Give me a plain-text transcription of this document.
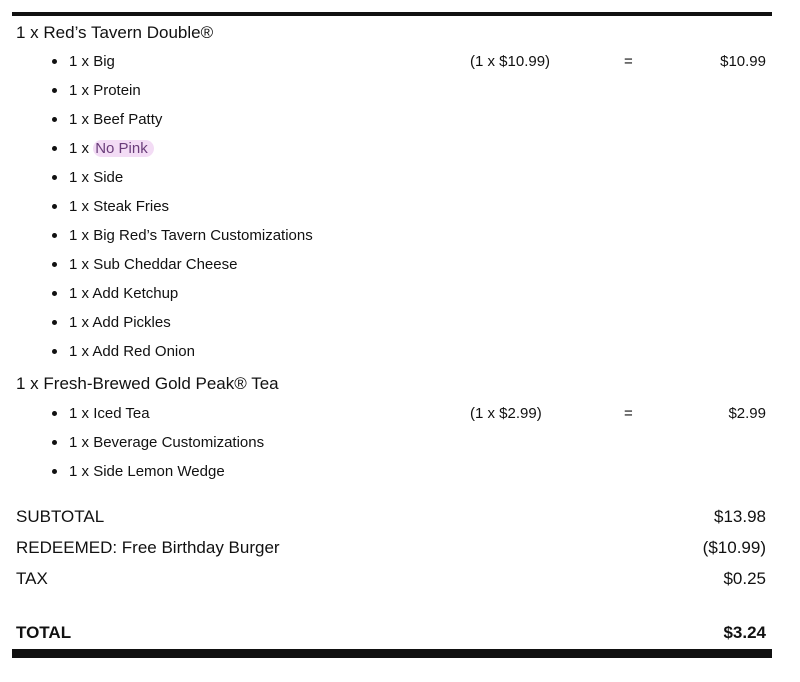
1 x Red’s Tavern Double®
1 x Big	(1 x $10.99)	=	$10.99
1 x Protein
1 x Beef Patty
1 x No Pink
1 x Side
1 x Steak Fries
1 x Big Red’s Tavern Customizations
1 x Sub Cheddar Cheese
1 x Add Ketchup
1 x Add Pickles
1 x Add Red Onion
1 x Fresh-Brewed Gold Peak® Tea
1 x Iced Tea	(1 x $2.99)	=	$2.99
1 x Beverage Customizations
1 x Side Lemon Wedge
SUBTOTAL	$13.98
REDEEMED: Free Birthday Burger	($10.99)
TAX	$0.25
TOTAL	$3.24
